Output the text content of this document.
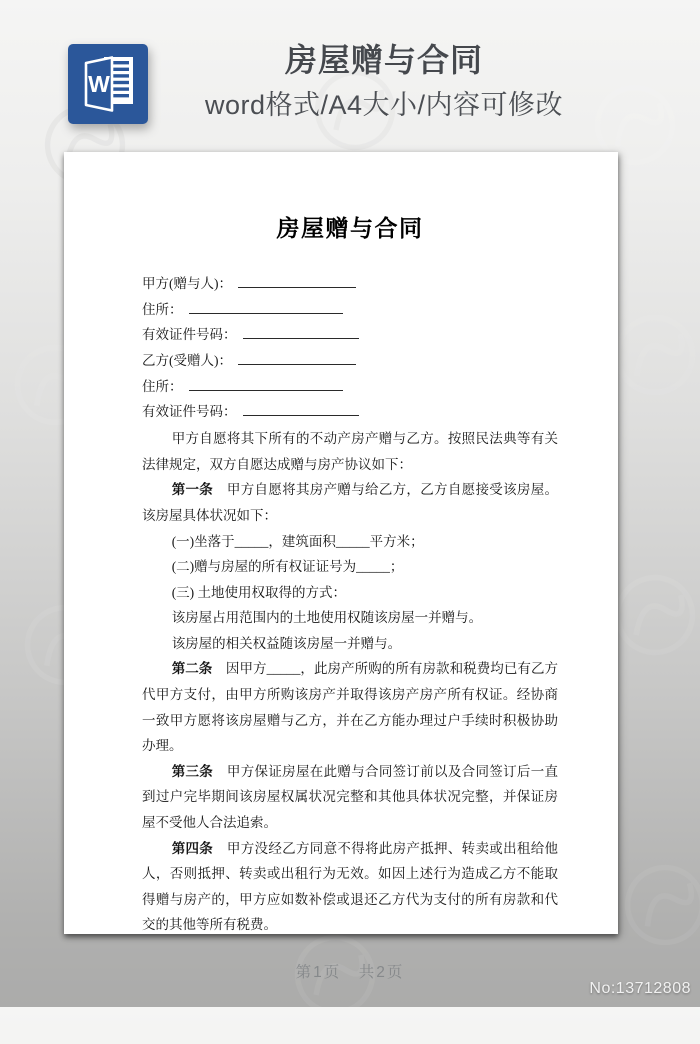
W
房屋赠与合同
word格式/A4大小/内容可修改
房屋赠与合同
甲方(赠与人)：
住所：
有效证件号码：
乙方(受赠人)：
住所：
有效证件号码：

甲方自愿将其下所有的不动产房产赠与乙方。按照民法典等有关法律规定，双方自愿达成赠与房产协议如下：

第一条　甲方自愿将其房产赠与给乙方，乙方自愿接受该房屋。该房屋具体状况如下：

(一)坐落于_____，建筑面积_____平方米；

(二)赠与房屋的所有权证证号为_____；

(三) 土地使用权取得的方式：

该房屋占用范围内的土地使用权随该房屋一并赠与。

该房屋的相关权益随该房屋一并赠与。

第二条　因甲方_____，此房产所购的所有房款和税费均已有乙方代甲方支付，由甲方所购该房产并取得该房产房产所有权证。经协商一致甲方愿将该房屋赠与乙方，并在乙方能办理过户手续时积极协助办理。

第三条　甲方保证房屋在此赠与合同签订前以及合同签订后一直到过户完毕期间该房屋权属状况完整和其他具体状况完整，并保证房屋不受他人合法追索。

第四条　甲方没经乙方同意不得将此房产抵押、转卖或出租给他人，否则抵押、转卖或出租行为无效。如因上述行为造成乙方不能取得赠与房产的，甲方应如数补偿或退还乙方代为支付的所有房款和代交的其他等所有税费。

第1页　共2页
No:13712808
